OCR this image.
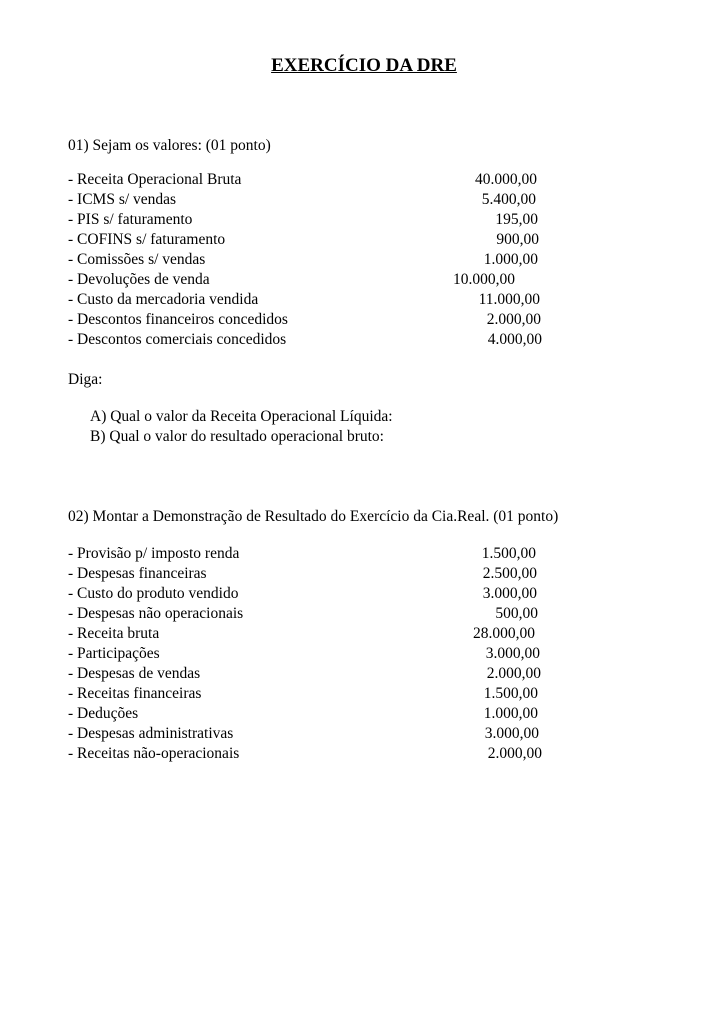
EXERCÍCIO DA DRE
01) Sejam os valores: (01 ponto)
- Receita Operacional Bruta	40.000,00
- ICMS s/ vendas	5.400,00
- PIS s/ faturamento	195,00
- COFINS s/ faturamento	900,00
- Comissões s/ vendas	1.000,00
- Devoluções de venda	10.000,00
- Custo da mercadoria vendida	11.000,00
- Descontos financeiros concedidos	2.000,00
- Descontos comerciais concedidos	4.000,00
Diga:
A) Qual o valor da Receita Operacional Líquida:
B) Qual o valor do resultado operacional bruto:
02) Montar a Demonstração de Resultado do Exercício da Cia.Real. (01 ponto)
- Provisão p/ imposto renda	1.500,00
- Despesas financeiras	2.500,00
- Custo do produto vendido	3.000,00
- Despesas não operacionais	500,00
- Receita bruta	28.000,00
- Participações	3.000,00
- Despesas de vendas	2.000,00
- Receitas financeiras	1.500,00
- Deduções	1.000,00
- Despesas administrativas	3.000,00
- Receitas não-operacionais	2.000,00
